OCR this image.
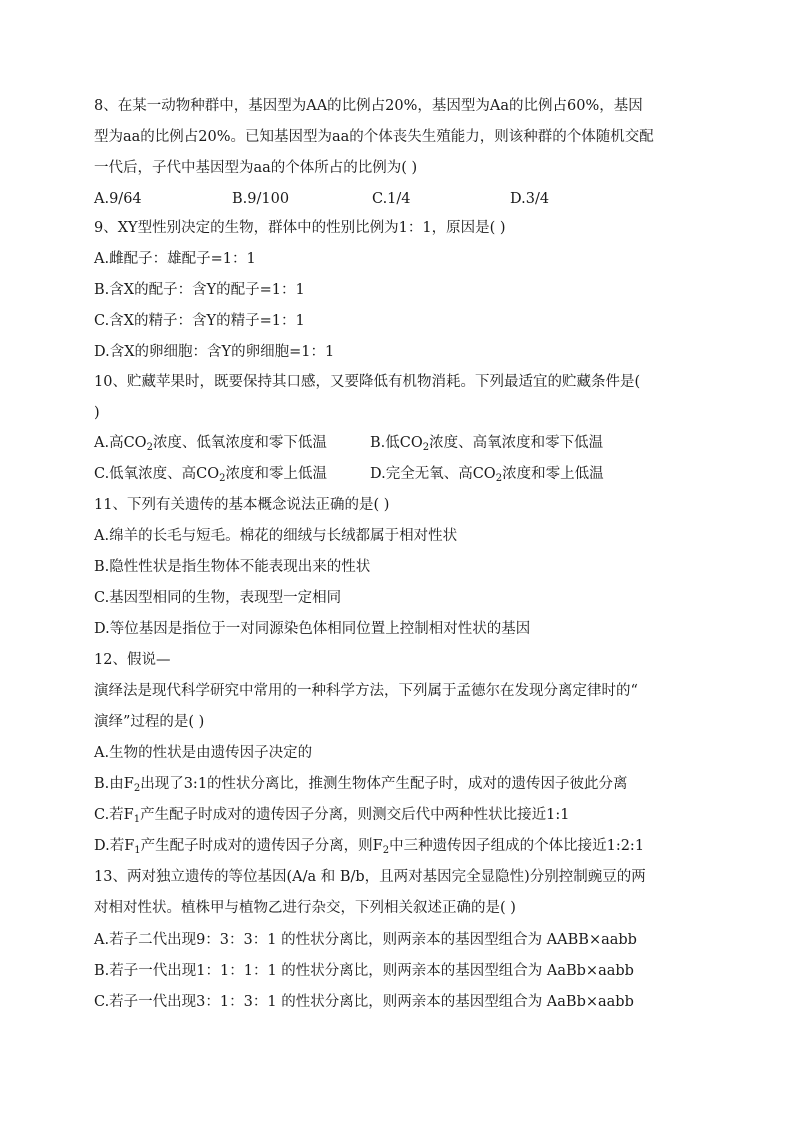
8、在某一动物种群中，基因型为AA的比例占20%，基因型为Aa的比例占60%，基因
型为aa的比例占20%。已知基因型为aa的个体丧失生殖能力，则该种群的个体随机交配
一代后，子代中基因型为aa的个体所占的比例为( )
A.9/64	B.9/100	C.1/4	D.3/4
9、XY型性别决定的生物，群体中的性别比例为1：1，原因是( )
A.雌配子：雄配子=1：1
B.含X的配子：含Y的配子=1：1
C.含X的精子：含Y的精子=1：1
D.含X的卵细胞：含Y的卵细胞=1：1
10、贮藏苹果时，既要保持其口感，又要降低有机物消耗。下列最适宜的贮藏条件是(
)
A.高$CO_2$浓度、低氧浓度和零下低温	B.低$CO_2$浓度、高氧浓度和零下低温
C.低氧浓度、高$CO_2$浓度和零上低温	D.完全无氧、高$CO_2$浓度和零上低温
11、下列有关遗传的基本概念说法正确的是( )
A.绵羊的长毛与短毛。棉花的细绒与长绒都属于相对性状
B.隐性性状是指生物体不能表现出来的性状
C.基因型相同的生物，表现型一定相同
D.等位基因是指位于一对同源染色体相同位置上控制相对性状的基因
12、假说—
演绎法是现代科学研究中常用的一种科学方法，下列属于孟德尔在发现分离定律时的“
演绎”过程的是( )
A.生物的性状是由遗传因子决定的
B.由$F_2$出现了3:1的性状分离比，推测生物体产生配子时，成对的遗传因子彼此分离
C.若$F_1$产生配子时成对的遗传因子分离，则测交后代中两种性状比接近1:1
D.若$F_1$产生配子时成对的遗传因子分离，则$F_2$中三种遗传因子组成的个体比接近1:2:1
13、两对独立遗传的等位基因(A/a 和 B/b，且两对基因完全显隐性)分别控制豌豆的两
对相对性状。植株甲与植物乙进行杂交，下列相关叙述正确的是( )
A.若子二代出现9：3：3：1 的性状分离比，则两亲本的基因型组合为 AABB×aabb
B.若子一代出现1：1：1：1 的性状分离比，则两亲本的基因型组合为 AaBb×aabb
C.若子一代出现3：1：3：1 的性状分离比，则两亲本的基因型组合为 AaBb×aabb
